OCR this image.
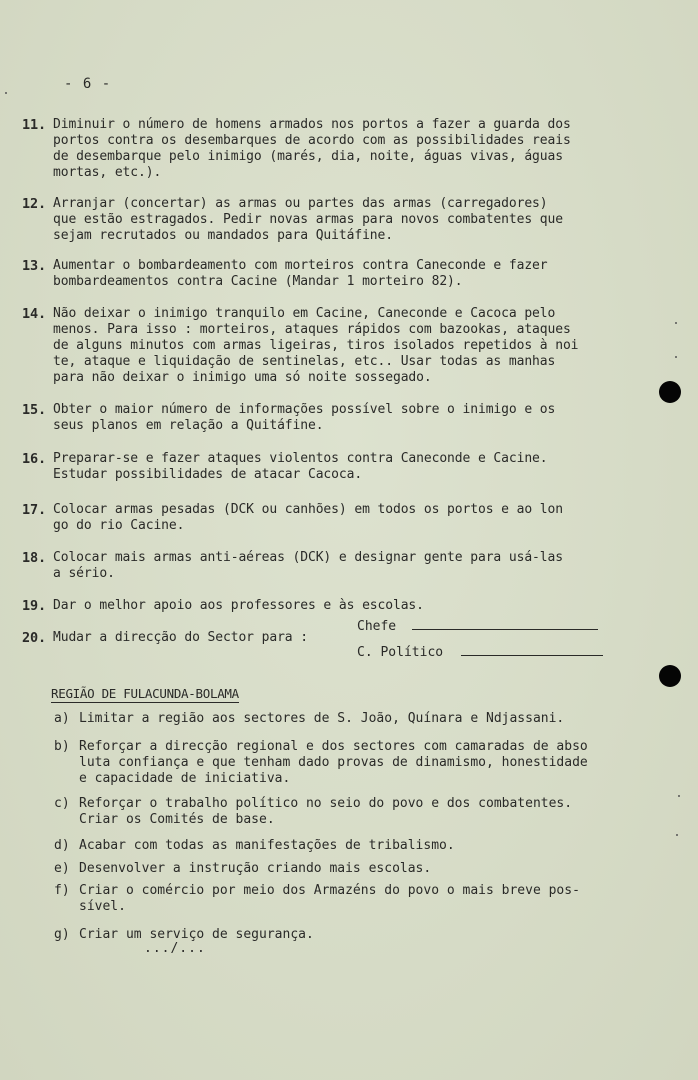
- 6 -
11. Diminuir o número de homens armados nos portos a fazer a guarda dos
portos contra os desembarques de acordo com as possibilidades reais
de desembarque pelo inimigo (marés, dia, noite, águas vivas, águas
mortas, etc.).
12. Arranjar (concertar) as armas ou partes das armas (carregadores)
que estão estragados. Pedir novas armas para novos combatentes que
sejam recrutados ou mandados para Quitáfine.
13. Aumentar o bombardeamento com morteiros contra Caneconde e fazer
bombardeamentos contra Cacine (Mandar 1 morteiro 82).
14. Não deixar o inimigo tranquilo em Cacine, Caneconde e Cacoca pelo
menos. Para isso : morteiros, ataques rápidos com bazookas, ataques
de alguns minutos com armas ligeiras, tiros isolados repetidos à noi
te, ataque e liquidação de sentinelas, etc.. Usar todas as manhas
para não deixar o inimigo uma só noite sossegado.
15. Obter o maior número de informações possível sobre o inimigo e os
seus planos em relação a Quitáfine.
16. Preparar-se e fazer ataques violentos contra Caneconde e Cacine.
Estudar possibilidades de atacar Cacoca.
17. Colocar armas pesadas (DCK ou canhões) em todos os portos e ao lon
go do rio Cacine.
18. Colocar mais armas anti-aéreas (DCK) e designar gente para usá-las
a sério.
19. Dar o melhor apoio aos professores e às escolas.
20. Mudar a direcção do Sector para :
Chefe
C. Político
REGIÃO DE FULACUNDA-BOLAMA
a) Limitar a região aos sectores de S. João, Quínara e Ndjassani.
b) Reforçar a direcção regional e dos sectores com camaradas de abso
luta confiança e que tenham dado provas de dinamismo, honestidade
e capacidade de iniciativa.
c) Reforçar o trabalho político no seio do povo e dos combatentes.
Criar os Comités de base.
d) Acabar com todas as manifestações de tribalismo.
e) Desenvolver a instrução criando mais escolas.
f) Criar o comércio por meio dos Armazéns do povo o mais breve pos-
sível.
g) Criar um serviço de segurança.
.../...
